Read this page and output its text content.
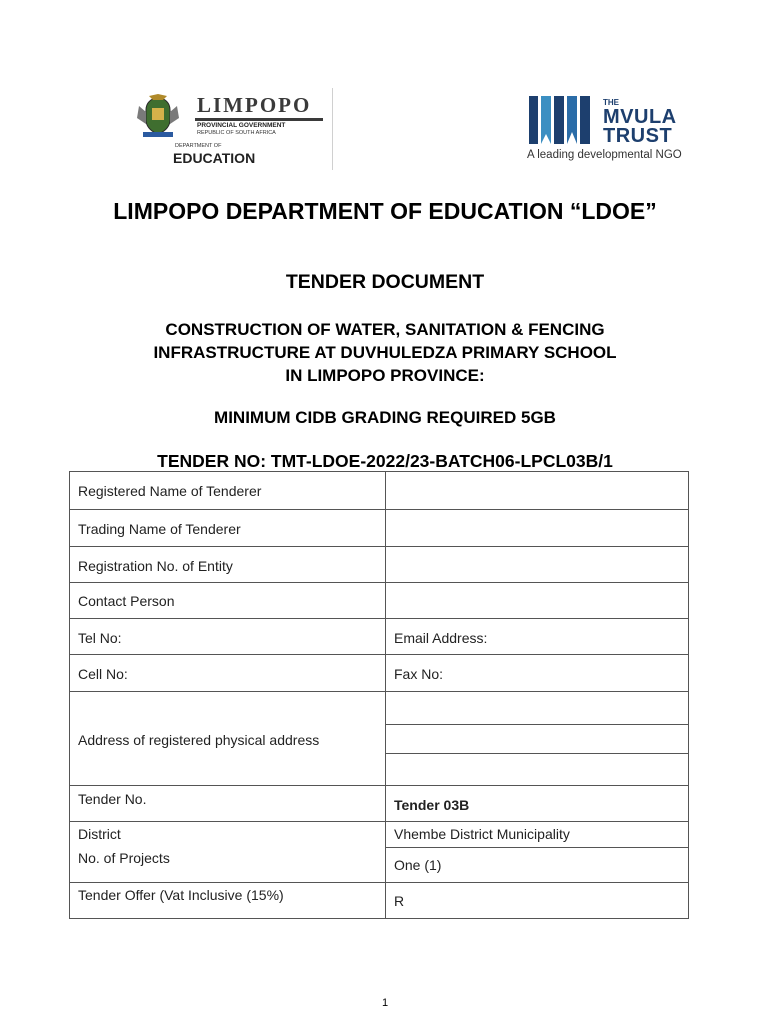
LIMPOPO
PROVINCIAL GOVERNMENT
REPUBLIC OF SOUTH AFRICA
DEPARTMENT OF
EDUCATION
THE
MVULA
TRUST
A leading developmental NGO
LIMPOPO DEPARTMENT OF EDUCATION “LDOE”
TENDER DOCUMENT
CONSTRUCTION OF WATER, SANITATION & FENCING
INFRASTRUCTURE AT DUVHULEDZA PRIMARY SCHOOL
IN LIMPOPO PROVINCE:
MINIMUM CIDB GRADING REQUIRED 5GB
TENDER NO: TMT-LDOE-2022/23-BATCH06-LPCL03B/1
Registered Name of Tenderer
Trading Name of Tenderer
Registration No. of Entity
Contact Person
Tel No:	Email Address:
Cell No:	Fax No:
Address of registered physical address
Tender No.	Tender 03B
District	Vhembe District Municipality
No. of Projects	One (1)
Tender Offer (Vat Inclusive (15%)	R
1
